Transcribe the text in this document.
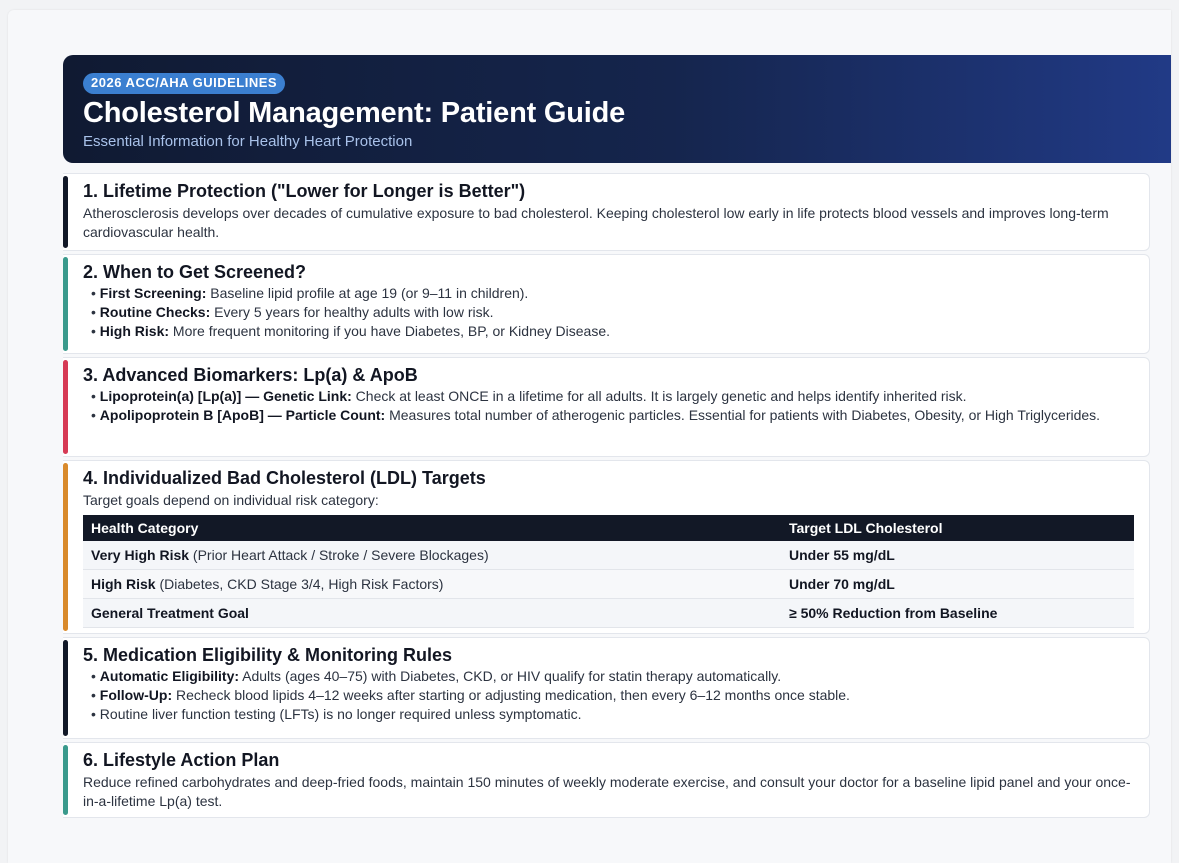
2026 ACC/AHA GUIDELINES
Cholesterol Management: Patient Guide
Essential Information for Healthy Heart Protection
1. Lifetime Protection ("Lower for Longer is Better")

Atherosclerosis develops over decades of cumulative exposure to bad cholesterol. Keeping cholesterol low early in life protects blood vessels and improves long-term cardiovascular health.

2. When to Get Screened?
• First Screening: Baseline lipid profile at age 19 (or 9–11 in children).
• Routine Checks: Every 5 years for healthy adults with low risk.
• High Risk: More frequent monitoring if you have Diabetes, BP, or Kidney Disease.
3. Advanced Biomarkers: Lp(a) & ApoB
• Lipoprotein(a) [Lp(a)] — Genetic Link: Check at least ONCE in a lifetime for all adults. It is largely genetic and helps identify inherited risk.
• Apolipoprotein B [ApoB] — Particle Count: Measures total number of atherogenic particles. Essential for patients with Diabetes, Obesity, or High Triglycerides.
4. Individualized Bad Cholesterol (LDL) Targets

Target goals depend on individual risk category:

Health Category	Target LDL Cholesterol
Very High Risk (Prior Heart Attack / Stroke / Severe Blockages)	Under 55 mg/dL
High Risk (Diabetes, CKD Stage 3/4, High Risk Factors)	Under 70 mg/dL
General Treatment Goal	≥ 50% Reduction from Baseline
5. Medication Eligibility & Monitoring Rules
• Automatic Eligibility: Adults (ages 40–75) with Diabetes, CKD, or HIV qualify for statin therapy automatically.
• Follow-Up: Recheck blood lipids 4–12 weeks after starting or adjusting medication, then every 6–12 months once stable.
• Routine liver function testing (LFTs) is no longer required unless symptomatic.
6. Lifestyle Action Plan

Reduce refined carbohydrates and deep-fried foods, maintain 150 minutes of weekly moderate exercise, and consult your doctor for a baseline lipid panel and your once-in-a-lifetime Lp(a) test.
